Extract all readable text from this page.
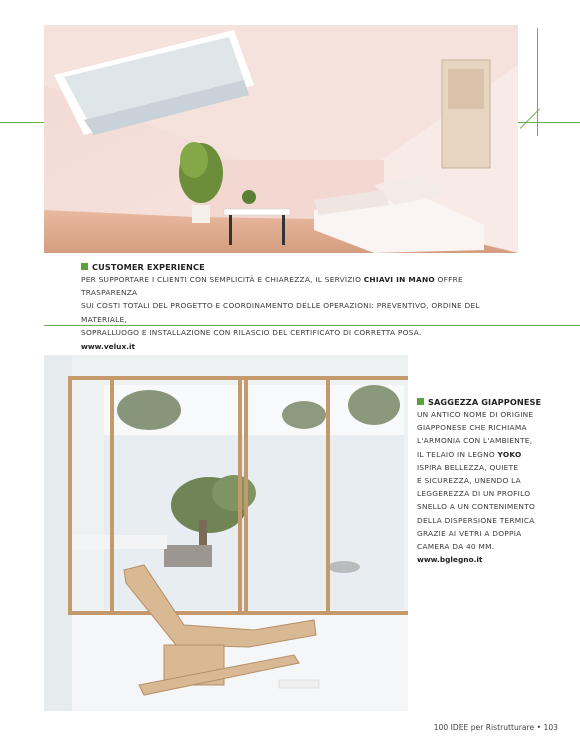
CUSTOMER EXPERIENCE
PER SUPPORTARE I CLIENTI CON SEMPLICITÀ E CHIAREZZA, IL SERVIZIO CHIAVI IN MANO OFFRE TRASPARENZA
SUI COSTI TOTALI DEL PROGETTO E COORDINAMENTO DELLE OPERAZIONI: PREVENTIVO, ORDINE DEL MATERIALE,
SOPRALLUOGO E INSTALLAZIONE CON RILASCIO DEL CERTIFICATO DI CORRETTA POSA.
www.velux.it
SAGGEZZA GIAPPONESE
UN ANTICO NOME DI ORIGINE
GIAPPONESE CHE RICHIAMA
L'ARMONIA CON L'AMBIENTE,
IL TELAIO IN LEGNO YOKO
ISPIRA BELLEZZA, QUIETE
E SICUREZZA, UNENDO LA
LEGGEREZZA DI UN PROFILO
SNELLO A UN CONTENIMENTO
DELLA DISPERSIONE TERMICA
GRAZIE AI VETRI A DOPPIA
CAMERA DA 40 MM.
www.bglegno.it
100 IDEE per Ristrutturare • 103
